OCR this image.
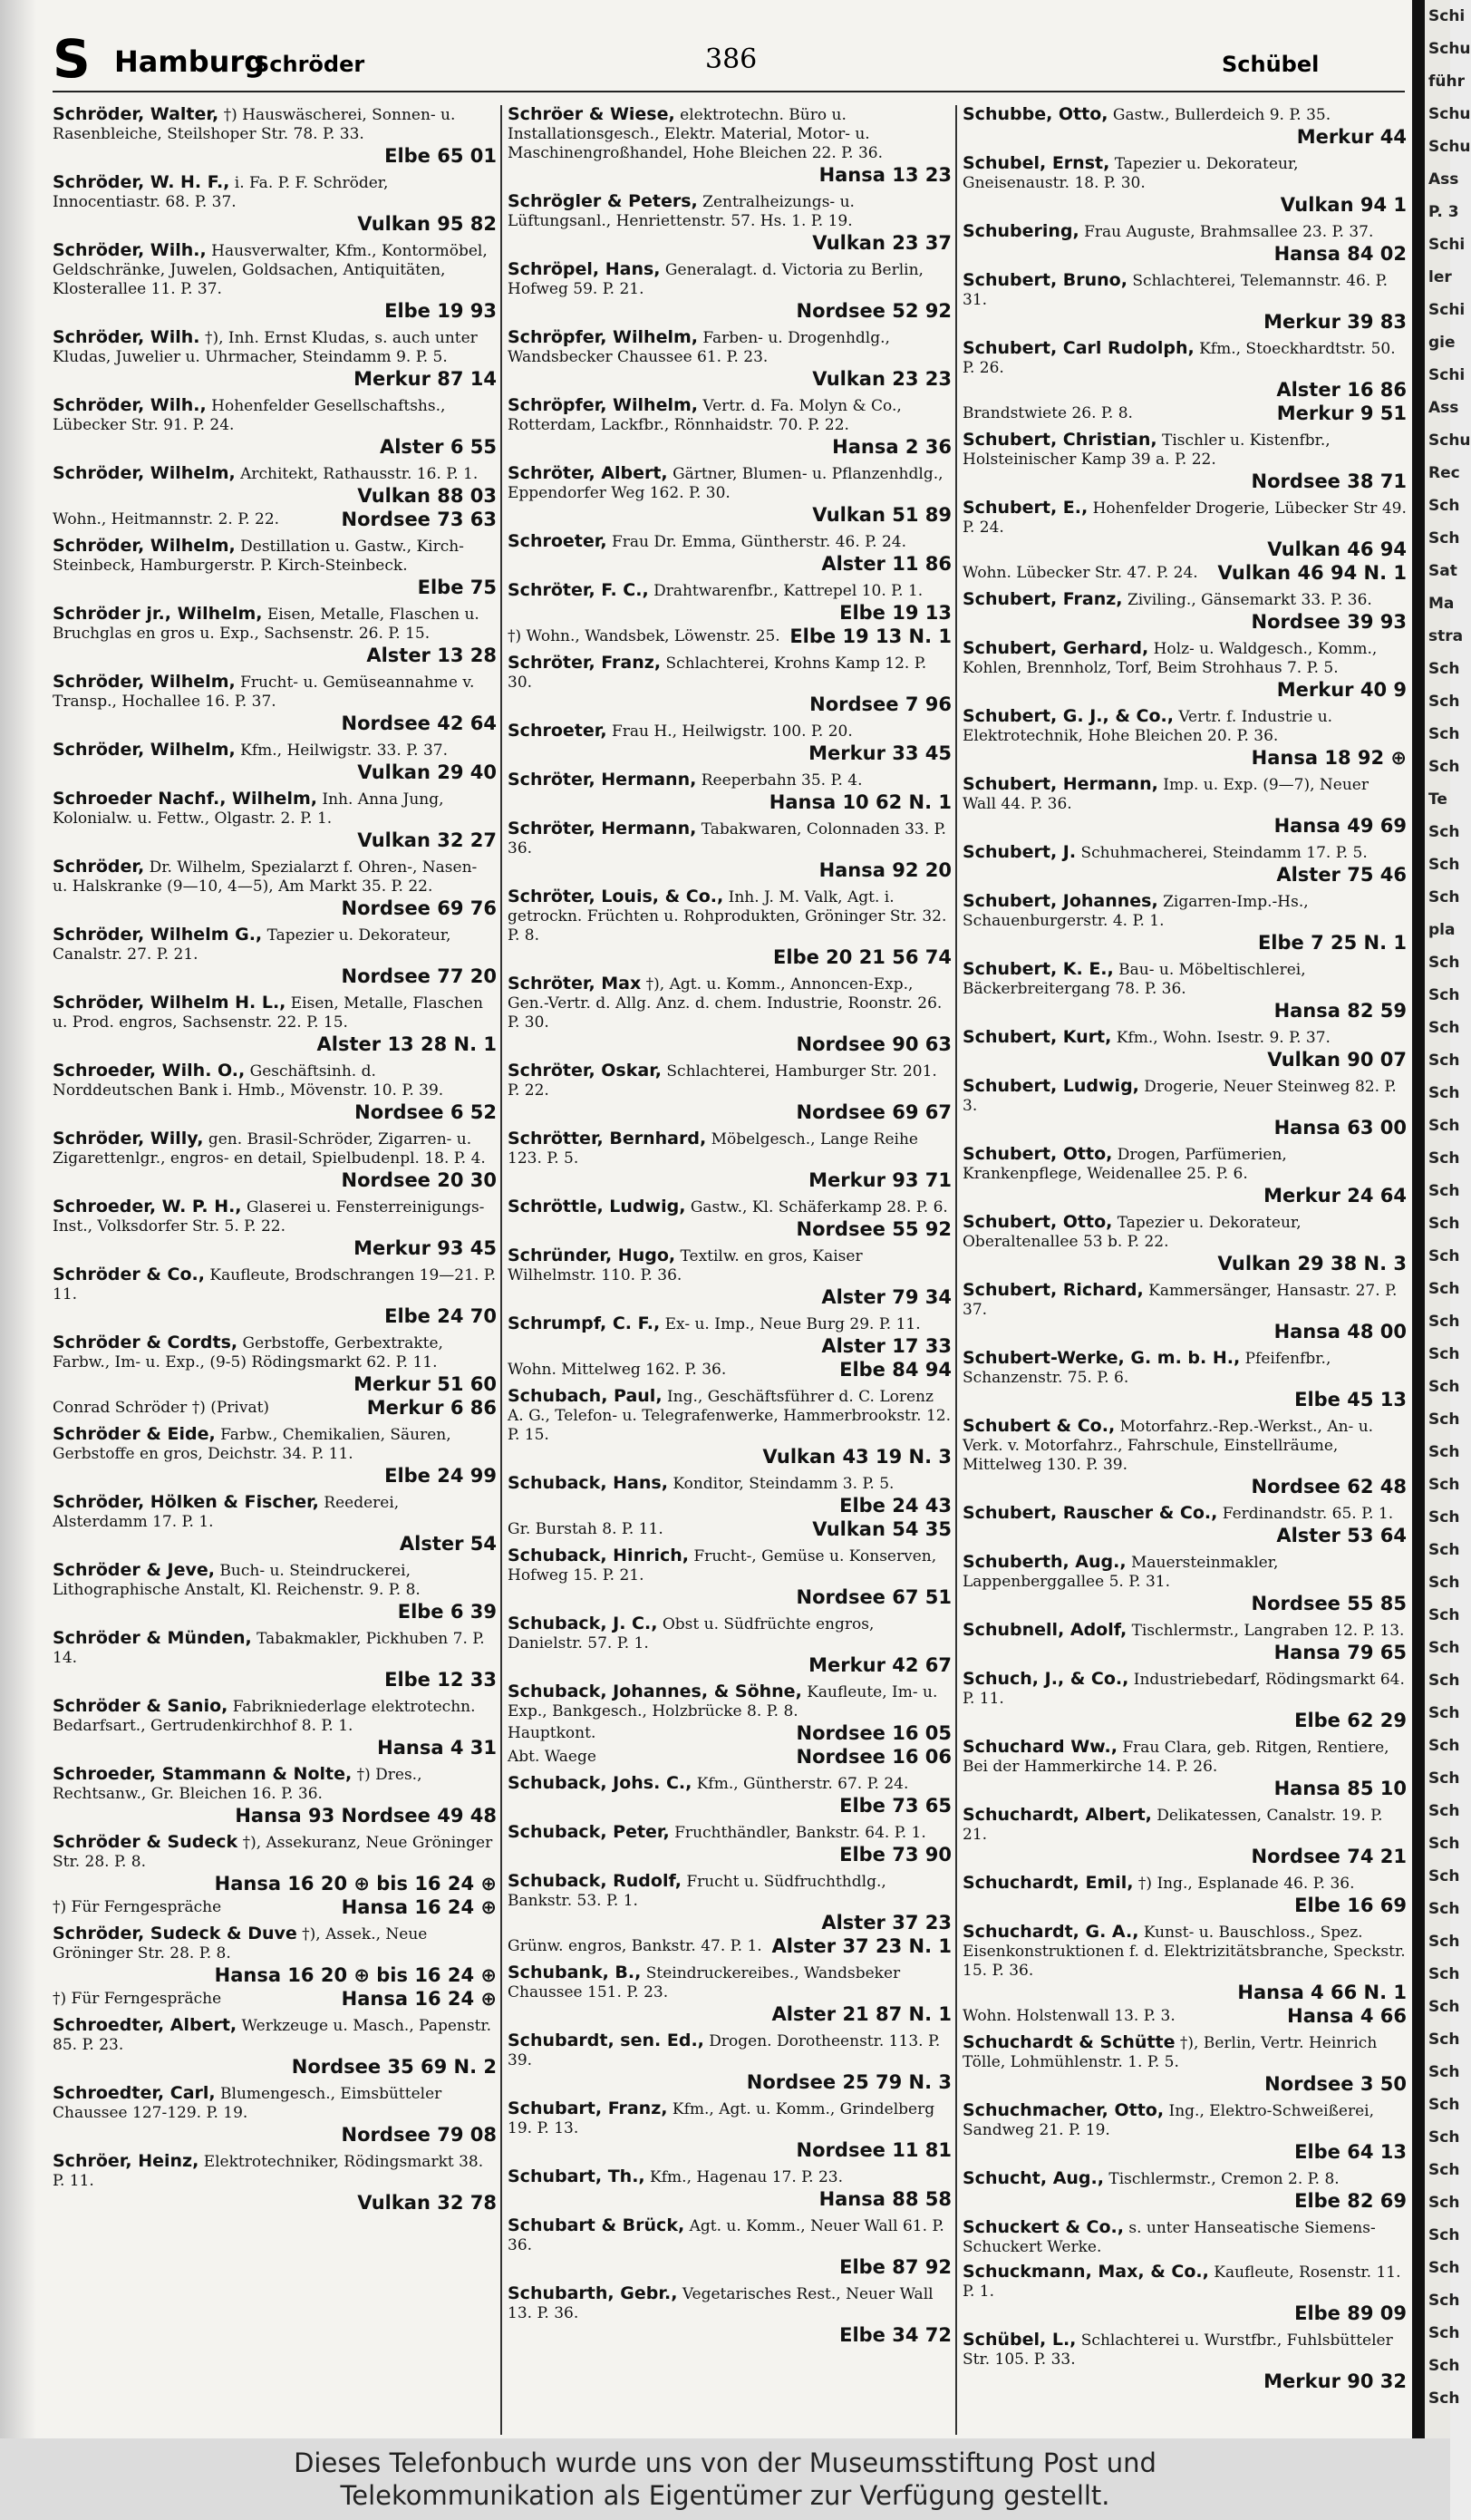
S Hamburg
Schröder	386	Schübel
Schröder, Walter, †) Hauswäscherei, Sonnen- u. Rasenbleiche, Steilshoper Str. 78. P. 33.
Elbe 65 01
Schröder, W. H. F., i. Fa. P. F. Schröder, Innocentiastr. 68. P. 37.
Vulkan 95 82
Schröder, Wilh., Hausverwalter, Kfm., Kontormöbel, Geldschränke, Juwelen, Goldsachen, Antiquitäten, Klosterallee 11. P. 37.
Elbe 19 93
Schröder, Wilh. †), Inh. Ernst Kludas, s. auch unter Kludas, Juwelier u. Uhrmacher, Steindamm 9. P. 5.
Merkur 87 14
Schröder, Wilh., Hohenfelder Gesellschaftshs., Lübecker Str. 91. P. 24.
Alster 6 55
Schröder, Wilhelm, Architekt, Rathausstr. 16. P. 1.
Vulkan 88 03
Wohn., Heitmannstr. 2. P. 22.	Nordsee 73 63
Schröder, Wilhelm, Destillation u. Gastw., Kirch-Steinbeck, Hamburgerstr. P. Kirch-Steinbeck.
Elbe 75
Schröder jr., Wilhelm, Eisen, Metalle, Flaschen u. Bruchglas en gros u. Exp., Sachsenstr. 26. P. 15.
Alster 13 28
Schröder, Wilhelm, Frucht- u. Gemüseannahme v. Transp., Hochallee 16. P. 37.
Nordsee 42 64
Schröder, Wilhelm, Kfm., Heilwigstr. 33. P. 37.
Vulkan 29 40
Schroeder Nachf., Wilhelm, Inh. Anna Jung, Kolonialw. u. Fettw., Olgastr. 2. P. 1.
Vulkan 32 27
Schröder, Dr. Wilhelm, Spezialarzt f. Ohren-, Nasen- u. Halskranke (9—10, 4—5), Am Markt 35. P. 22.
Nordsee 69 76
Schröder, Wilhelm G., Tapezier u. Dekorateur, Canalstr. 27. P. 21.
Nordsee 77 20
Schröder, Wilhelm H. L., Eisen, Metalle, Flaschen u. Prod. engros, Sachsenstr. 22. P. 15.
Alster 13 28 N. 1
Schroeder, Wilh. O., Geschäftsinh. d. Norddeutschen Bank i. Hmb., Mövenstr. 10. P. 39.
Nordsee 6 52
Schröder, Willy, gen. Brasil-Schröder, Zigarren- u. Zigarettenlgr., engros- en detail, Spielbudenpl. 18. P. 4.
Nordsee 20 30
Schroeder, W. P. H., Glaserei u. Fensterreinigungs-Inst., Volksdorfer Str. 5. P. 22.
Merkur 93 45
Schröder & Co., Kaufleute, Brodschrangen 19—21. P. 11.
Elbe 24 70
Schröder & Cordts, Gerbstoffe, Gerbextrakte, Farbw., Im- u. Exp., (9-5) Rödingsmarkt 62. P. 11.
Merkur 51 60
Conrad Schröder †) (Privat)	Merkur 6 86
Schröder & Eide, Farbw., Chemikalien, Säuren, Gerbstoffe en gros, Deichstr. 34. P. 11.
Elbe 24 99
Schröder, Hölken & Fischer, Reederei, Alsterdamm 17. P. 1.
Alster 54
Schröder & Jeve, Buch- u. Steindruckerei, Lithographische Anstalt, Kl. Reichenstr. 9. P. 8.
Elbe 6 39
Schröder & Münden, Tabakmakler, Pickhuben 7. P. 14.
Elbe 12 33
Schröder & Sanio, Fabrikniederlage elektrotechn. Bedarfsart., Gertrudenkirchhof 8. P. 1.
Hansa 4 31
Schroeder, Stammann & Nolte, †) Dres., Rechtsanw., Gr. Bleichen 16. P. 36.
Hansa 93 Nordsee 49 48
Schröder & Sudeck †), Assekuranz, Neue Gröninger Str. 28. P. 8.
Hansa 16 20 ⊕ bis 16 24 ⊕
†) Für Ferngespräche	Hansa 16 24 ⊕
Schröder, Sudeck & Duve †), Assek., Neue Gröninger Str. 28. P. 8.
Hansa 16 20 ⊕ bis 16 24 ⊕
†) Für Ferngespräche	Hansa 16 24 ⊕
Schroedter, Albert, Werkzeuge u. Masch., Papenstr. 85. P. 23.
Nordsee 35 69 N. 2
Schroedter, Carl, Blumengesch., Eimsbütteler Chaussee 127-129. P. 19.
Nordsee 79 08
Schröer, Heinz, Elektrotechniker, Rödingsmarkt 38. P. 11.
Vulkan 32 78
Schröer & Wiese, elektrotechn. Büro u. Installationsgesch., Elektr. Material, Motor- u. Maschinengroßhandel, Hohe Bleichen 22. P. 36.
Hansa 13 23
Schrögler & Peters, Zentralheizungs- u. Lüftungsanl., Henriettenstr. 57. Hs. 1. P. 19.
Vulkan 23 37
Schröpel, Hans, Generalagt. d. Victoria zu Berlin, Hofweg 59. P. 21.
Nordsee 52 92
Schröpfer, Wilhelm, Farben- u. Drogenhdlg., Wandsbecker Chaussee 61. P. 23.
Vulkan 23 23
Schröpfer, Wilhelm, Vertr. d. Fa. Molyn & Co., Rotterdam, Lackfbr., Rönnhaidstr. 70. P. 22.
Hansa 2 36
Schröter, Albert, Gärtner, Blumen- u. Pflanzenhdlg., Eppendorfer Weg 162. P. 30.
Vulkan 51 89
Schroeter, Frau Dr. Emma, Güntherstr. 46. P. 24.
Alster 11 86
Schröter, F. C., Drahtwarenfbr., Kattrepel 10. P. 1.
Elbe 19 13
†) Wohn., Wandsbek, Löwenstr. 25. Elbe 19 13 N. 1
Schröter, Franz, Schlachterei, Krohns Kamp 12. P. 30.
Nordsee 7 96
Schroeter, Frau H., Heilwigstr. 100. P. 20.
Merkur 33 45
Schröter, Hermann, Reeperbahn 35. P. 4.
Hansa 10 62 N. 1
Schröter, Hermann, Tabakwaren, Colonnaden 33. P. 36.
Hansa 92 20
Schröter, Louis, & Co., Inh. J. M. Valk, Agt. i. getrockn. Früchten u. Rohprodukten, Gröninger Str. 32. P. 8.
Elbe 20 21 56 74
Schröter, Max †), Agt. u. Komm., Annoncen-Exp., Gen.-Vertr. d. Allg. Anz. d. chem. Industrie, Roonstr. 26. P. 30.
Nordsee 90 63
Schröter, Oskar, Schlachterei, Hamburger Str. 201. P. 22.
Nordsee 69 67
Schrötter, Bernhard, Möbelgesch., Lange Reihe 123. P. 5.
Merkur 93 71
Schröttle, Ludwig, Gastw., Kl. Schäferkamp 28. P. 6.
Nordsee 55 92
Schründer, Hugo, Textilw. en gros, Kaiser Wilhelmstr. 110. P. 36.
Alster 79 34
Schrumpf, C. F., Ex- u. Imp., Neue Burg 29. P. 11.
Alster 17 33
Wohn. Mittelweg 162. P. 36.	Elbe 84 94
Schubach, Paul, Ing., Geschäftsführer d. C. Lorenz A. G., Telefon- u. Telegrafenwerke, Hammerbrookstr. 12. P. 15.
Vulkan 43 19 N. 3
Schuback, Hans, Konditor, Steindamm 3. P. 5.
Elbe 24 43
Gr. Burstah 8. P. 11.	Vulkan 54 35
Schuback, Hinrich, Frucht-, Gemüse u. Konserven, Hofweg 15. P. 21.
Nordsee 67 51
Schuback, J. C., Obst u. Südfrüchte engros, Danielstr. 57. P. 1.
Merkur 42 67
Schuback, Johannes, & Söhne, Kaufleute, Im- u. Exp., Bankgesch., Holzbrücke 8. P. 8.
Hauptkont.	Nordsee 16 05
Abt. Waege	Nordsee 16 06
Schuback, Johs. C., Kfm., Güntherstr. 67. P. 24.
Elbe 73 65
Schuback, Peter, Fruchthändler, Bankstr. 64. P. 1.
Elbe 73 90
Schuback, Rudolf, Frucht u. Südfruchthdlg., Bankstr. 53. P. 1.
Alster 37 23
Grünw. engros, Bankstr. 47. P. 1. Alster 37 23 N. 1
Schubank, B., Steindruckereibes., Wandsbeker Chaussee 151. P. 23.
Alster 21 87 N. 1
Schubardt, sen. Ed., Drogen. Dorotheenstr. 113. P. 39.
Nordsee 25 79 N. 3
Schubart, Franz, Kfm., Agt. u. Komm., Grindelberg 19. P. 13.
Nordsee 11 81
Schubart, Th., Kfm., Hagenau 17. P. 23.
Hansa 88 58
Schubart & Brück, Agt. u. Komm., Neuer Wall 61. P. 36.
Elbe 87 92
Schubarth, Gebr., Vegetarisches Rest., Neuer Wall 13. P. 36.
Elbe 34 72
Schubbe, Otto, Gastw., Bullerdeich 9. P. 35.
Merkur 44
Schubel, Ernst, Tapezier u. Dekorateur, Gneisenaustr. 18. P. 30.
Vulkan 94 1
Schubering, Frau Auguste, Brahmsallee 23. P. 37.
Hansa 84 02
Schubert, Bruno, Schlachterei, Telemannstr. 46. P. 31.
Merkur 39 83
Schubert, Carl Rudolph, Kfm., Stoeckhardtstr. 50. P. 26.
Alster 16 86
Brandstwiete 26. P. 8.	Merkur 9 51
Schubert, Christian, Tischler u. Kistenfbr., Holsteinischer Kamp 39 a. P. 22.
Nordsee 38 71
Schubert, E., Hohenfelder Drogerie, Lübecker Str 49. P. 24.
Vulkan 46 94
Wohn. Lübecker Str. 47. P. 24. Vulkan 46 94 N. 1
Schubert, Franz, Ziviling., Gänsemarkt 33. P. 36.
Nordsee 39 93
Schubert, Gerhard, Holz- u. Waldgesch., Komm., Kohlen, Brennholz, Torf, Beim Strohhaus 7. P. 5.
Merkur 40 9
Schubert, G. J., & Co., Vertr. f. Industrie u. Elektrotechnik, Hohe Bleichen 20. P. 36.
Hansa 18 92 ⊕
Schubert, Hermann, Imp. u. Exp. (9—7), Neuer Wall 44. P. 36.
Hansa 49 69
Schubert, J. Schuhmacherei, Steindamm 17. P. 5.
Alster 75 46
Schubert, Johannes, Zigarren-Imp.-Hs., Schauenburgerstr. 4. P. 1.
Elbe 7 25 N. 1
Schubert, K. E., Bau- u. Möbeltischlerei, Bäckerbreitergang 78. P. 36.
Hansa 82 59
Schubert, Kurt, Kfm., Wohn. Isestr. 9. P. 37.
Vulkan 90 07
Schubert, Ludwig, Drogerie, Neuer Steinweg 82. P. 3.
Hansa 63 00
Schubert, Otto, Drogen, Parfümerien, Krankenpflege, Weidenallee 25. P. 6.
Merkur 24 64
Schubert, Otto, Tapezier u. Dekorateur, Oberaltenallee 53 b. P. 22.
Vulkan 29 38 N. 3
Schubert, Richard, Kammersänger, Hansastr. 27. P. 37.
Hansa 48 00
Schubert-Werke, G. m. b. H., Pfeifenfbr., Schanzenstr. 75. P. 6.
Elbe 45 13
Schubert & Co., Motorfahrz.-Rep.-Werkst., An- u. Verk. v. Motorfahrz., Fahrschule, Einstellräume, Mittelweg 130. P. 39.
Nordsee 62 48
Schubert, Rauscher & Co., Ferdinandstr. 65. P. 1.
Alster 53 64
Schuberth, Aug., Mauersteinmakler, Lappenberggallee 5. P. 31.
Nordsee 55 85
Schubnell, Adolf, Tischlermstr., Langraben 12. P. 13.
Hansa 79 65
Schuch, J., & Co., Industriebedarf, Rödingsmarkt 64. P. 11.
Elbe 62 29
Schuchard Ww., Frau Clara, geb. Ritgen, Rentiere, Bei der Hammerkirche 14. P. 26.
Hansa 85 10
Schuchardt, Albert, Delikatessen, Canalstr. 19. P. 21.
Nordsee 74 21
Schuchardt, Emil, †) Ing., Esplanade 46. P. 36.
Elbe 16 69
Schuchardt, G. A., Kunst- u. Bauschloss., Spez. Eisenkonstruktionen f. d. Elektrizitätsbranche, Speckstr. 15. P. 36.
Hansa 4 66 N. 1
Wohn. Holstenwall 13. P. 3.	Hansa 4 66
Schuchardt & Schütte †), Berlin, Vertr. Heinrich Tölle, Lohmühlenstr. 1. P. 5.
Nordsee 3 50
Schuchmacher, Otto, Ing., Elektro-Schweißerei, Sandweg 21. P. 19.
Elbe 64 13
Schucht, Aug., Tischlermstr., Cremon 2. P. 8.
Elbe 82 69
Schuckert & Co., s. unter Hanseatische Siemens-Schuckert Werke.
Schuckmann, Max, & Co., Kaufleute, Rosenstr. 11. P. 1.
Elbe 89 09
Schübel, L., Schlachterei u. Wurstfbr., Fuhlsbütteler Str. 105. P. 33.
Merkur 90 32
Schi
Schu
führ
Schu
Schu
Ass
P. 3
Schi
ler
Schi
gie
Schi
Ass
Schu
Rec
Sch
Sch
Sat
Ma
stra
Sch
Sch
Sch
Sch
Te
Sch
Sch
Sch
pla
Sch
Sch
Sch
Sch
Sch
Sch
Sch
Sch
Sch
Sch
Sch
Sch
Sch
Sch
Sch
Sch
Sch
Sch
Sch
Sch
Sch
Sch
Sch
Sch
Sch
Sch
Sch
Sch
Sch
Sch
Sch
Sch
Sch
Sch
Sch
Sch
Sch
Sch
Sch
Sch
Sch
Sch
Sch
Sch
Sch
Dieses Telefonbuch wurde uns von der Museumsstiftung Post und
Telekommunikation als Eigentümer zur Verfügung gestellt.
